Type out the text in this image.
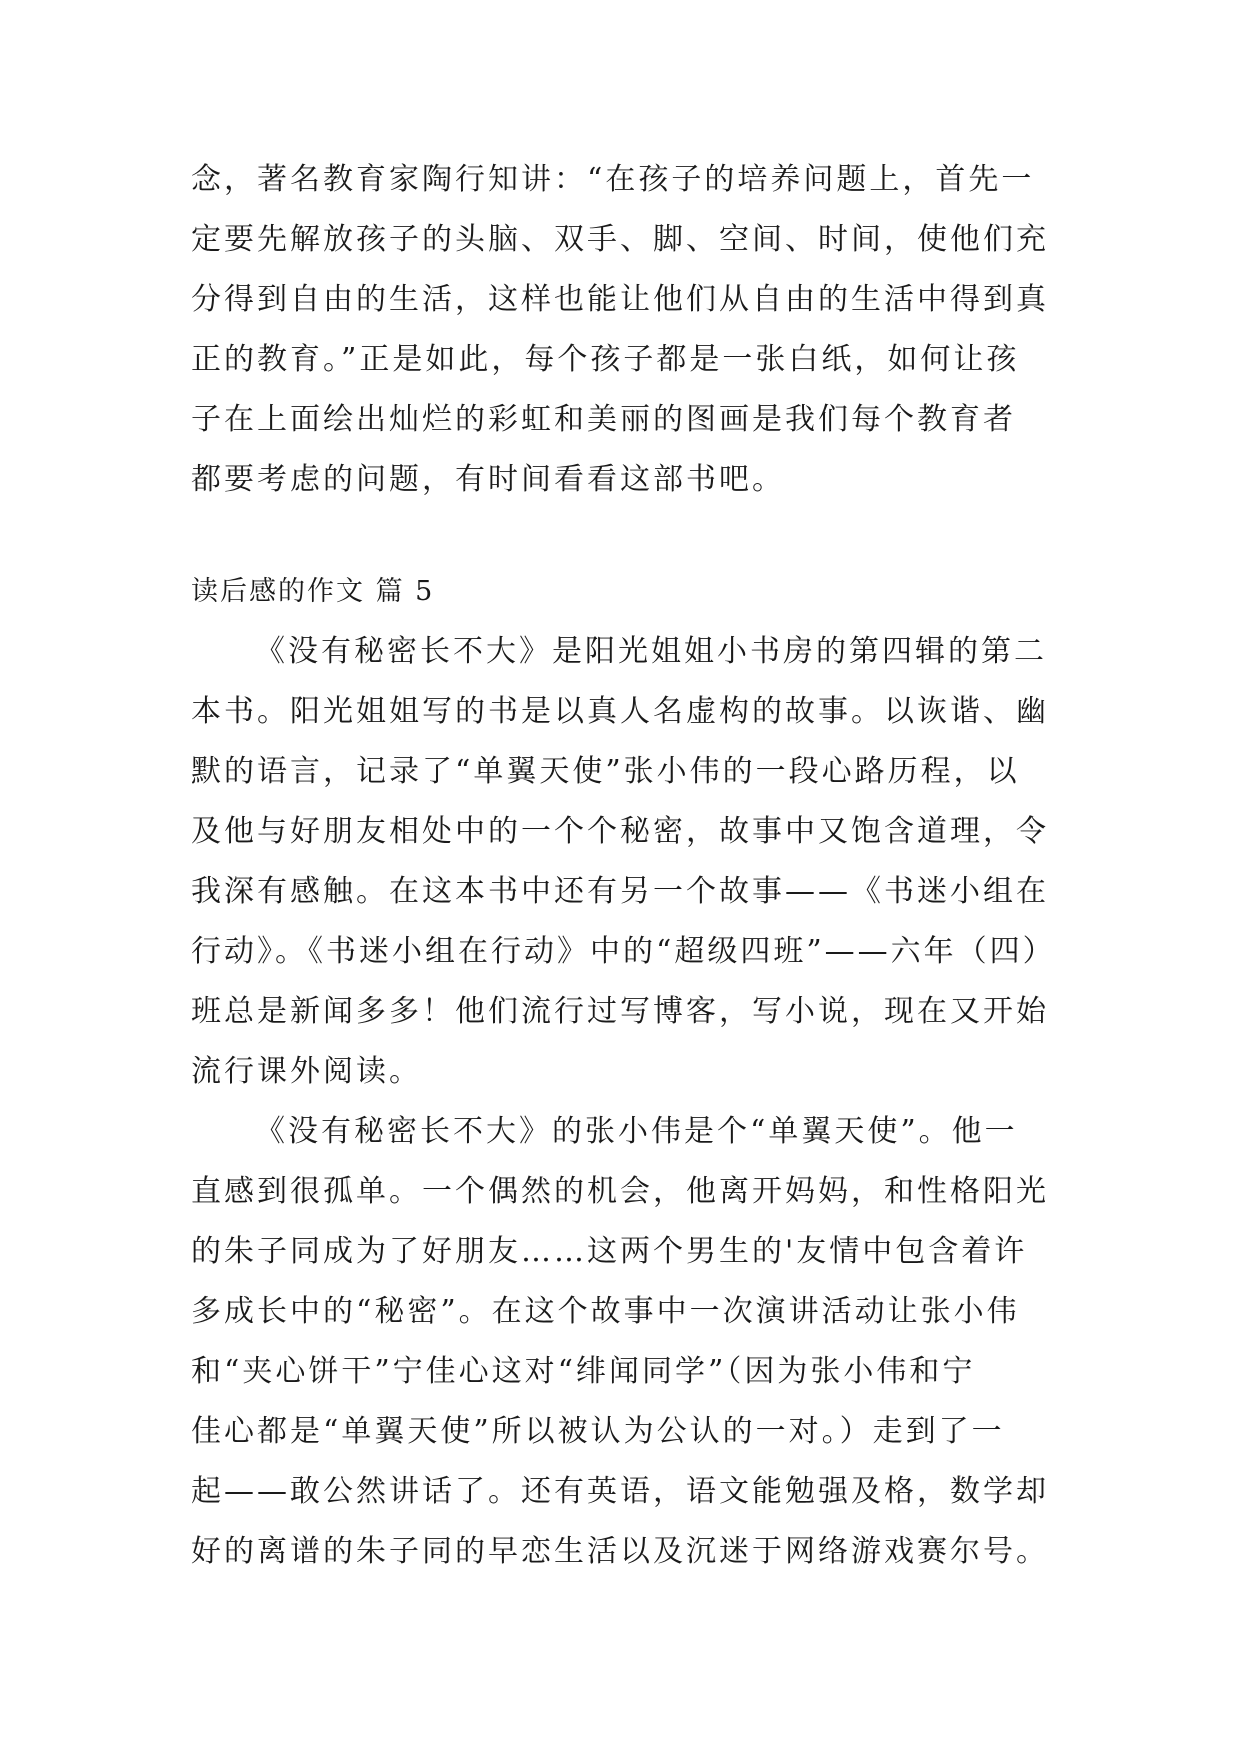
念，著名教育家陶行知讲：“在孩子的培养问题上，首先一

定要先解放孩子的头脑、双手、脚、空间、时间，使他们充

分得到自由的生活，这样也能让他们从自由的生活中得到真

正的教育。”正是如此，每个孩子都是一张白纸，如何让孩

子在上面绘出灿烂的彩虹和美丽的图画是我们每个教育者

都要考虑的问题，有时间看看这部书吧。

读后感的作文 篇 5

《没有秘密长不大》是阳光姐姐小书房的第四辑的第二

本书。阳光姐姐写的书是以真人名虚构的故事。以诙谐、幽

默的语言，记录了“单翼天使”张小伟的一段心路历程，以

及他与好朋友相处中的一个个秘密，故事中又饱含道理，令

我深有感触。在这本书中还有另一个故事——《书迷小组在

行动》。《书迷小组在行动》中的“超级四班”——六年（四）

班总是新闻多多！他们流行过写博客，写小说，现在又开始

流行课外阅读。

《没有秘密长不大》的张小伟是个“单翼天使”。他一

直感到很孤单。一个偶然的机会，他离开妈妈，和性格阳光

的朱子同成为了好朋友……这两个男生的'友情中包含着许

多成长中的“秘密”。在这个故事中一次演讲活动让张小伟

和“夹心饼干”宁佳心这对“绯闻同学”（因为张小伟和宁

佳心都是“单翼天使”所以被认为公认的一对。）走到了一

起——敢公然讲话了。还有英语，语文能勉强及格，数学却

好的离谱的朱子同的早恋生活以及沉迷于网络游戏赛尔号。
